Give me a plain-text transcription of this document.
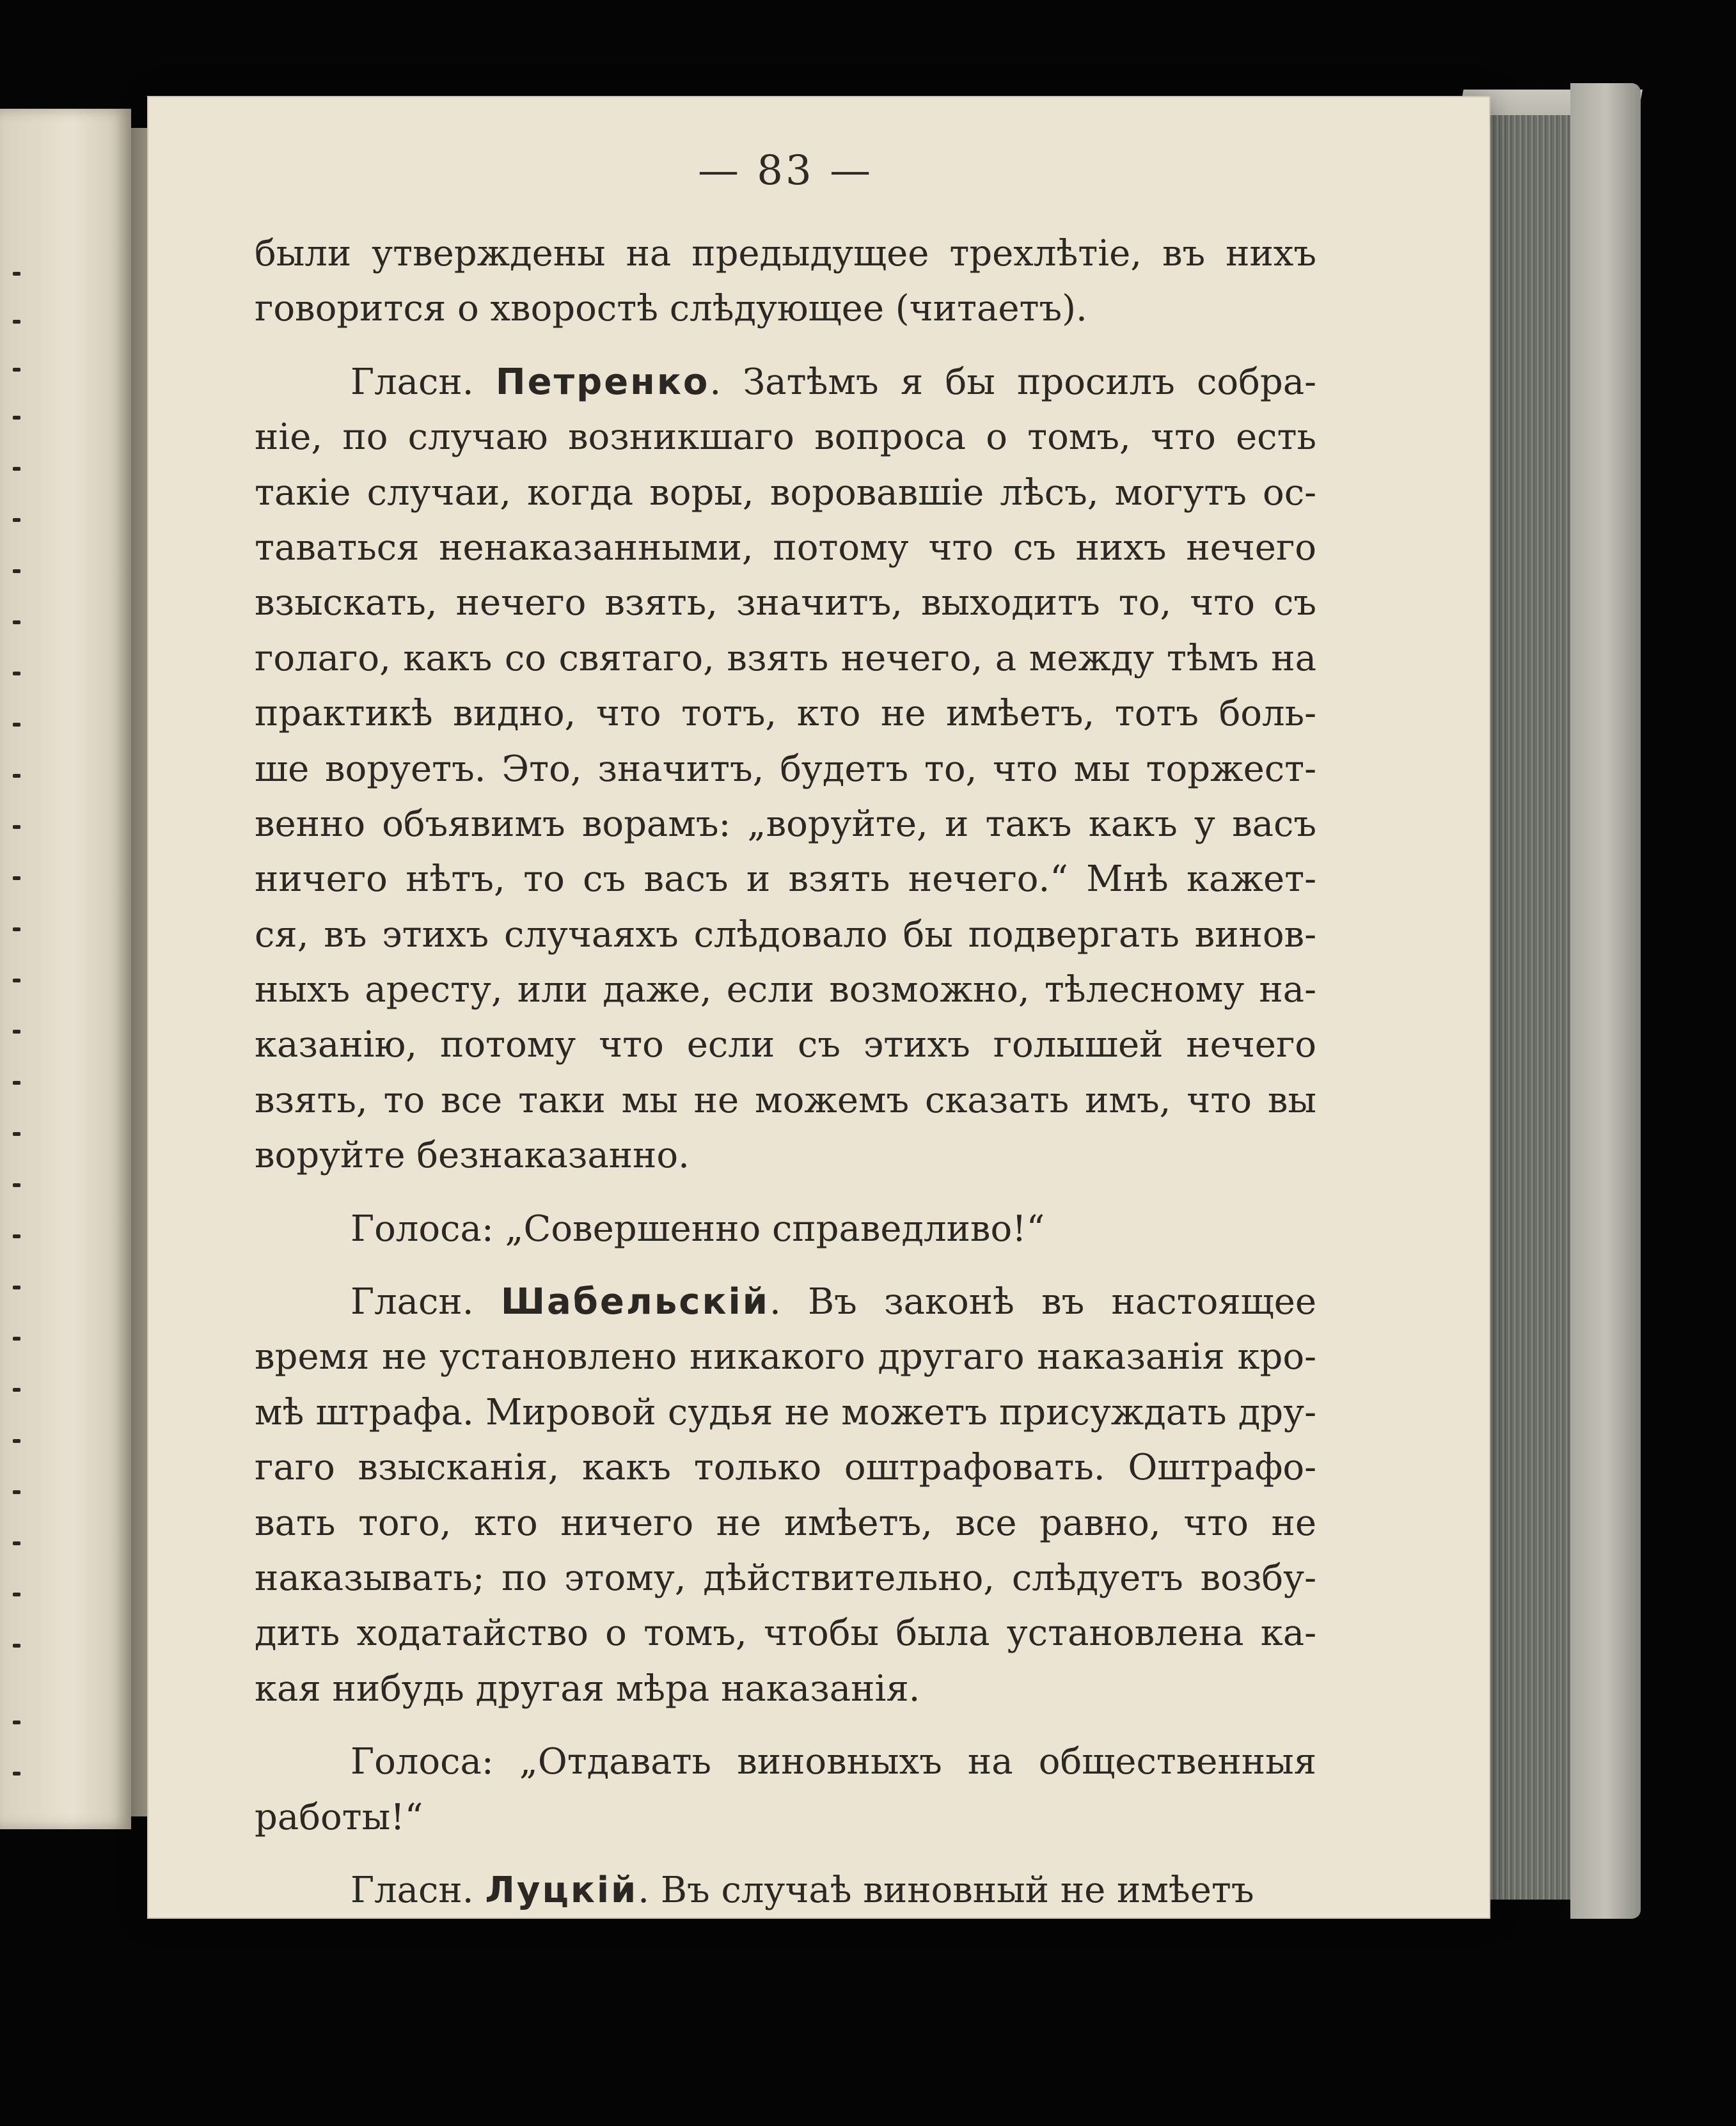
— 83 —
были утверждены на предыдущее трехлѣтіе, въ нихъ
говорится о хворостѣ слѣдующее (читаетъ).
Гласн. Петренко. Затѣмъ я бы просилъ собра-
ніе, по случаю возникшаго вопроса о томъ, что есть
такіе случаи, когда воры, воровавшіе лѣсъ, могутъ ос-
таваться ненаказанными, потому что съ нихъ нечего
взыскать, нечего взять, значитъ, выходитъ то, что съ
голаго, какъ со святаго, взять нечего, а между тѣмъ на
практикѣ видно, что тотъ, кто не имѣетъ, тотъ боль-
ше воруетъ. Это, значитъ, будетъ то, что мы торжест-
венно объявимъ ворамъ: „воруйте, и такъ какъ у васъ
ничего нѣтъ, то съ васъ и взять нечего.“ Мнѣ кажет-
ся, въ этихъ случаяхъ слѣдовало бы подвергать винов-
ныхъ аресту, или даже, если возможно, тѣлесному на-
казанію, потому что если съ этихъ голышей нечего
взять, то все таки мы не можемъ сказать имъ, что вы
воруйте безнаказанно.
Голоса: „Совершенно справедливо!“
Гласн. Шабельскій. Въ законѣ въ настоящее
время не установлено никакого другаго наказанія кро-
мѣ штрафа. Мировой судья не можетъ присуждать дру-
гаго взысканія, какъ только оштрафовать. Оштрафо-
вать того, кто ничего не имѣетъ, все равно, что не
наказывать; по этому, дѣйствительно, слѣдуетъ возбу-
дить ходатайство о томъ, чтобы была установлена ка-
кая нибудь другая мѣра наказанія.
Голоса: „Отдавать виновныхъ на общественныя
работы!“
Гласн. Луцкій. Въ случаѣ виновный не имѣетъ
